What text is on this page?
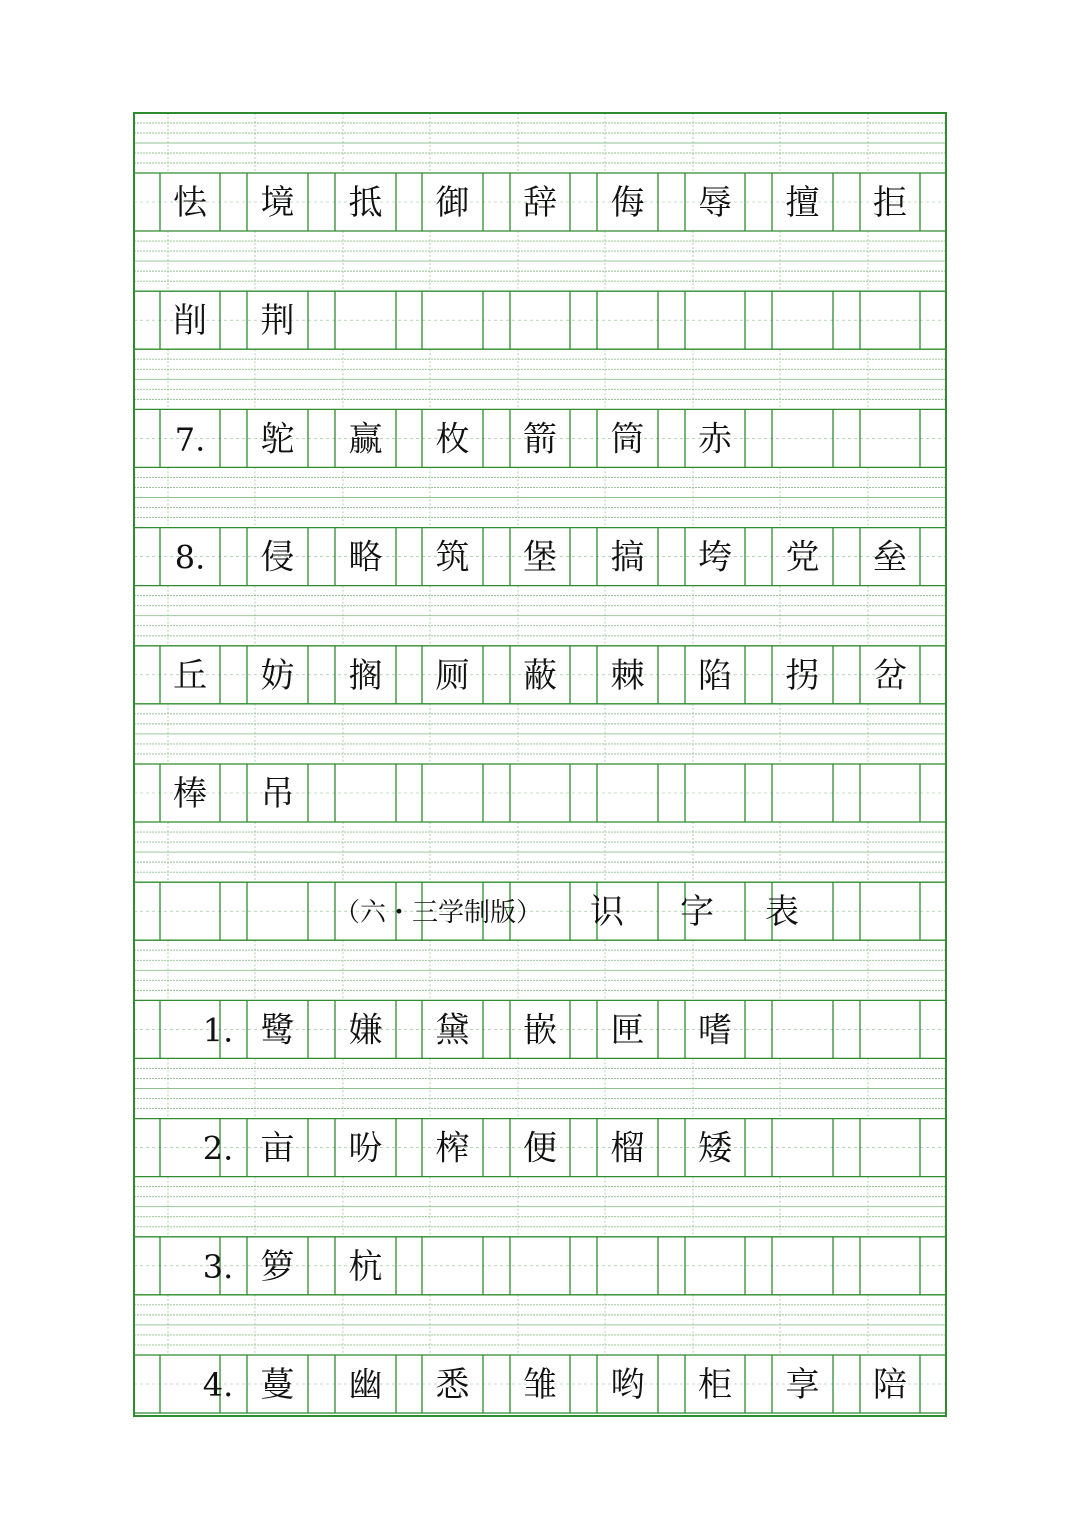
怯 境 抵 御 辞 侮 辱 擅 拒
削 荆
7. 鸵 赢 枚 箭 筒 赤
8. 侵 略 筑 堡 搞 垮 党 垒
丘 妨 搁 厕 蔽 棘 陷 拐 岔
棒 吊
（六・三学制版） 识 字 表
1. 鹭 嫌 黛 嵌 匣 嗜
2. 亩 吩 榨 便 榴 矮
3. 箩 杭
4. 蔓 幽 悉 雏 哟 柜 享 陪
